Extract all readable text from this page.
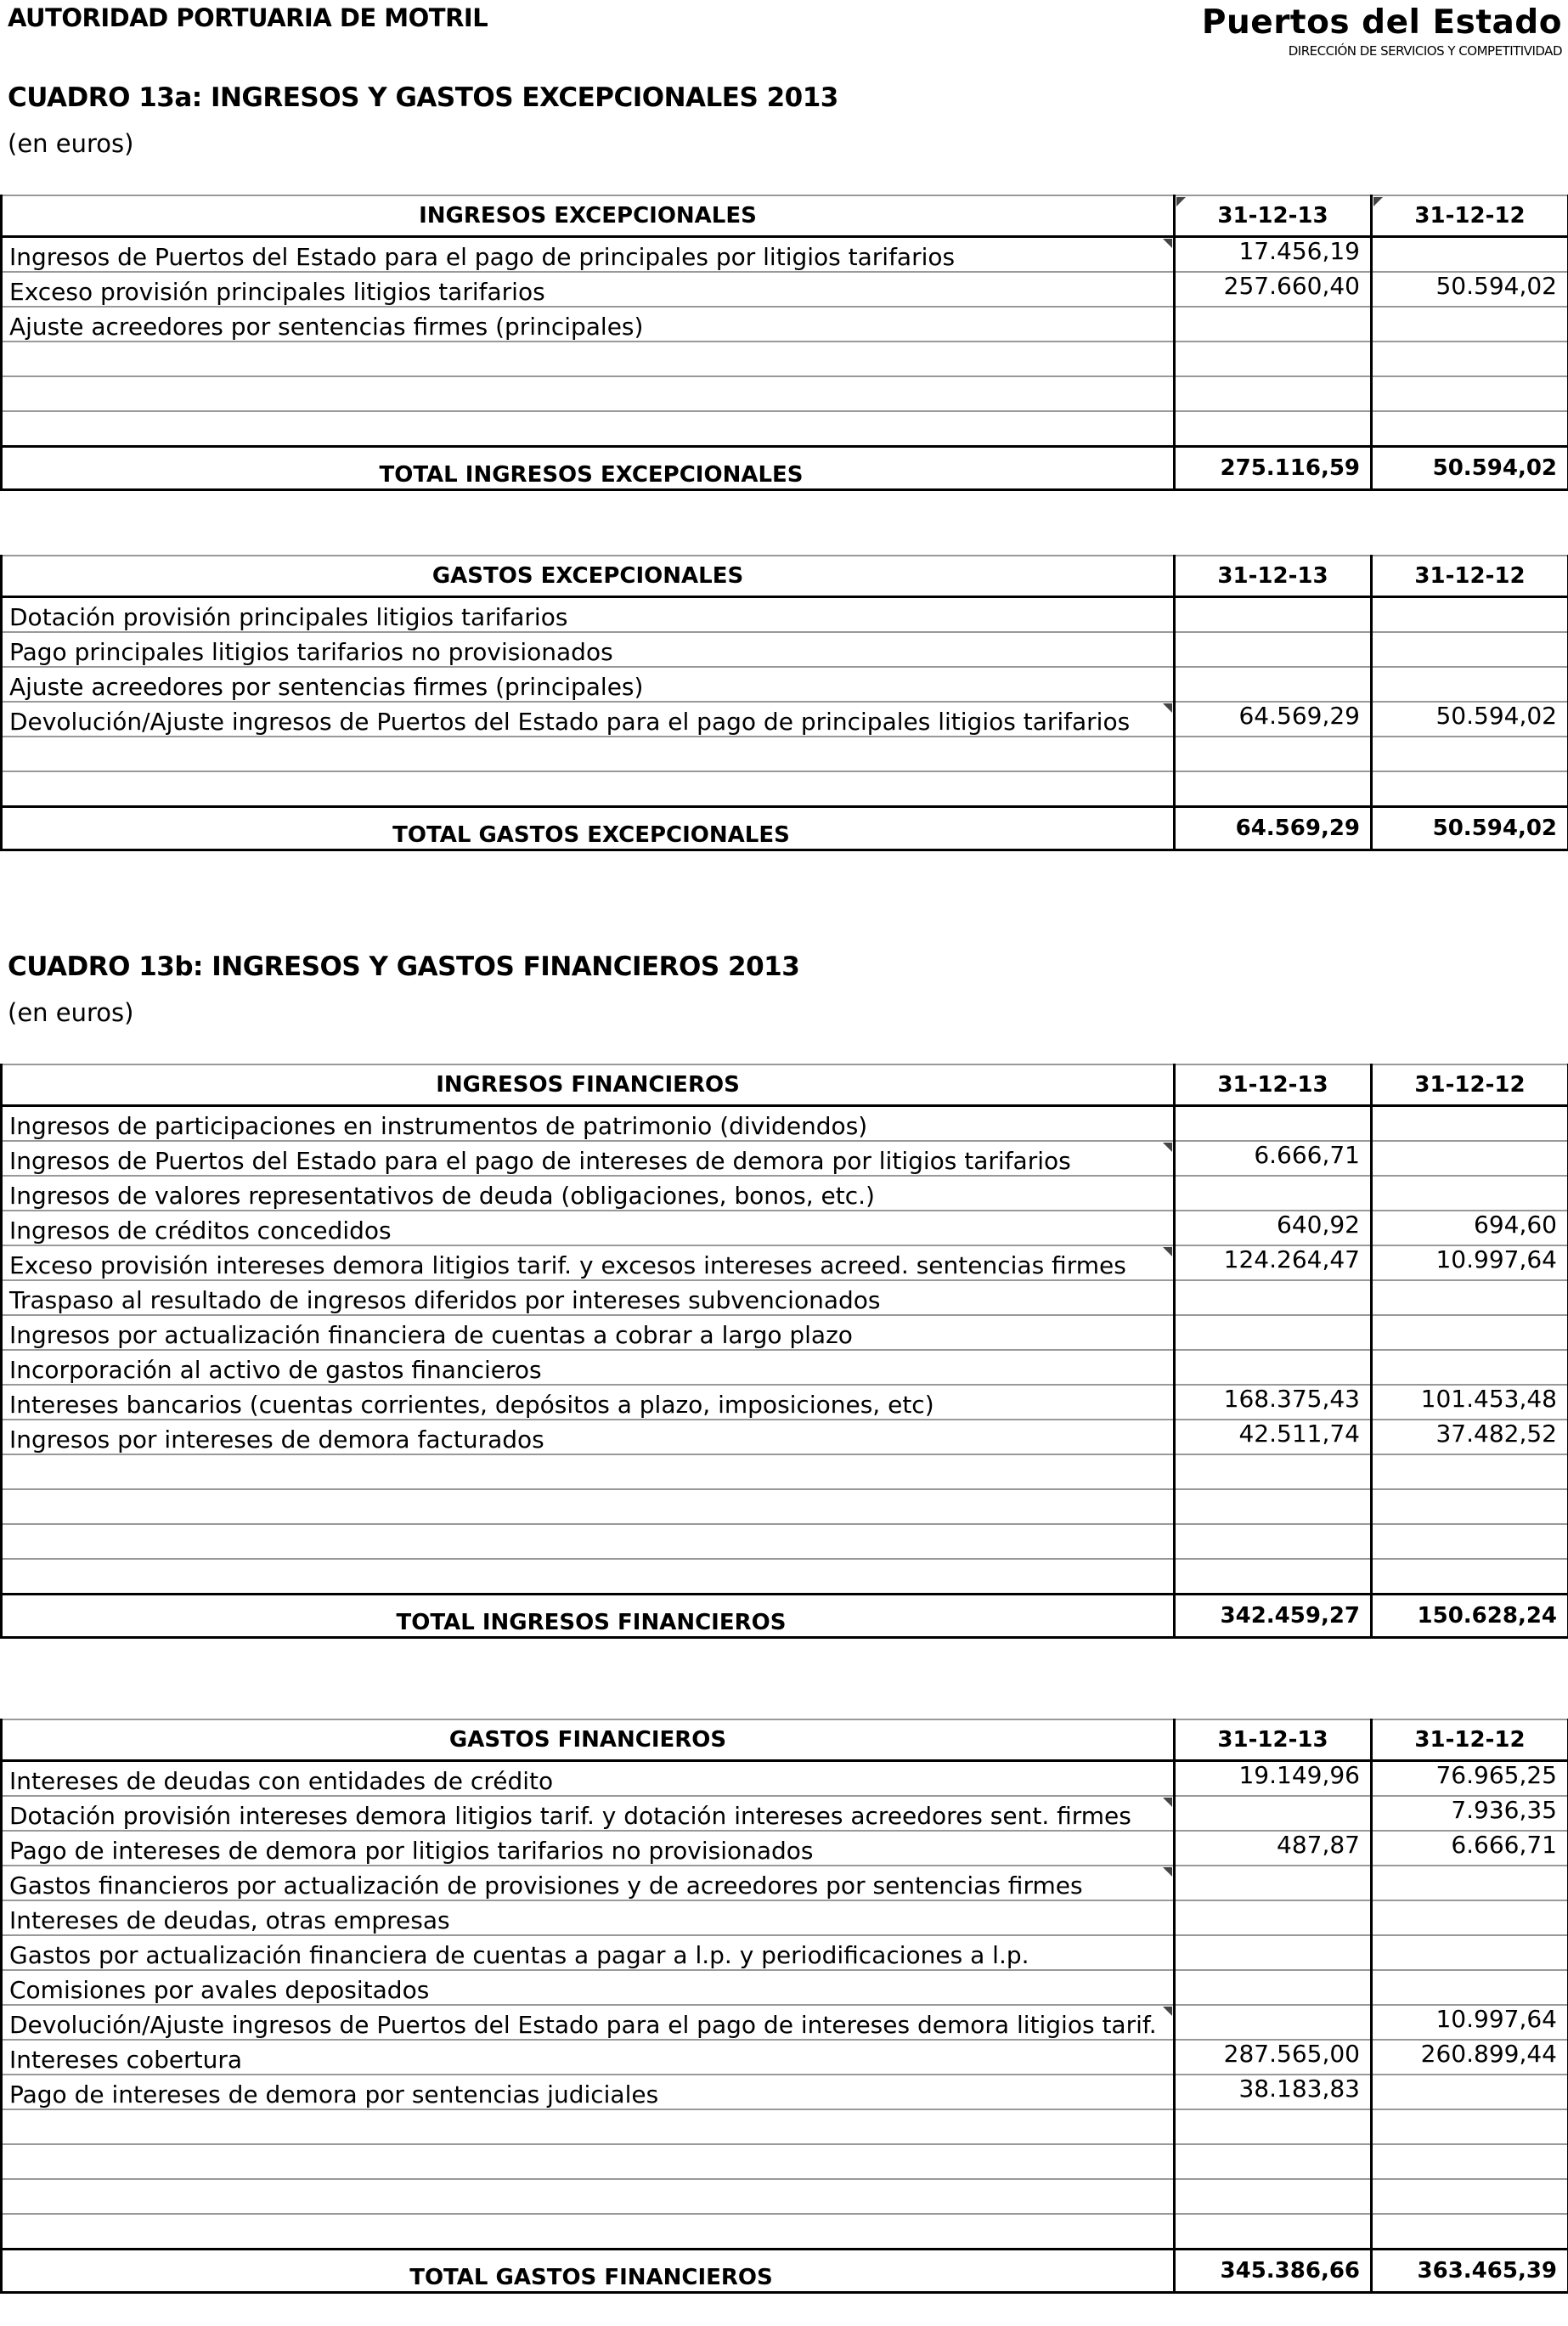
AUTORIDAD PORTUARIA DE MOTRIL	Puertos del Estado
DIRECCIÓN DE SERVICIOS Y COMPETITIVIDAD
CUADRO 13a: INGRESOS Y GASTOS EXCEPCIONALES 2013
(en euros)
INGRESOS EXCEPCIONALES	31-12-13	31-12-12

Ingresos de Puertos del Estado para el pago de principales por litigios tarifarios	17.456,19	
Exceso provisión principales litigios tarifarios	257.660,40	50.594,02
Ajuste acreedores por sentencias firmes (principales)		

TOTAL INGRESOS EXCEPCIONALES	275.116,59	50.594,02
GASTOS EXCEPCIONALES	31-12-13	31-12-12
Dotación provisión principales litigios tarifarios		
Pago principales litigios tarifarios no provisionados		
Ajuste acreedores por sentencias firmes (principales)		
Devolución/Ajuste ingresos de Puertos del Estado para el pago de principales litigios tarifarios	64.569,29	50.594,02

TOTAL GASTOS EXCEPCIONALES	64.569,29	50.594,02
CUADRO 13b: INGRESOS Y GASTOS FINANCIEROS 2013
(en euros)
INGRESOS FINANCIEROS	31-12-13	31-12-12
Ingresos de participaciones en instrumentos de patrimonio (dividendos)		
Ingresos de Puertos del Estado para el pago de intereses de demora por litigios tarifarios	6.666,71	
Ingresos de valores representativos de deuda (obligaciones, bonos, etc.)		
Ingresos de créditos concedidos	640,92	694,60
Exceso provisión intereses demora litigios tarif. y excesos intereses acreed. sentencias firmes	124.264,47	10.997,64
Traspaso al resultado de ingresos diferidos por intereses subvencionados		
Ingresos por actualización financiera de cuentas a cobrar a largo plazo		
Incorporación al activo de gastos financieros		
Intereses bancarios (cuentas corrientes, depósitos a plazo, imposiciones, etc)	168.375,43	101.453,48
Ingresos por intereses de demora facturados	42.511,74	37.482,52

TOTAL INGRESOS FINANCIEROS	342.459,27	150.628,24
GASTOS FINANCIEROS	31-12-13	31-12-12
Intereses de deudas con entidades de crédito	19.149,96	76.965,25
Dotación provisión intereses demora litigios tarif. y dotación intereses acreedores sent. firmes		7.936,35
Pago de intereses de demora por litigios tarifarios no provisionados	487,87	6.666,71
Gastos financieros por actualización de provisiones y de acreedores por sentencias firmes

Intereses de deudas, otras empresas		
Gastos por actualización financiera de cuentas a pagar a l.p. y periodificaciones a l.p.		
Comisiones por avales depositados		
Devolución/Ajuste ingresos de Puertos del Estado para el pago de intereses demora litigios tarif.		10.997,64
Intereses cobertura	287.565,00	260.899,44
Pago de intereses de demora por sentencias judiciales	38.183,83	

TOTAL GASTOS FINANCIEROS	345.386,66	363.465,39
